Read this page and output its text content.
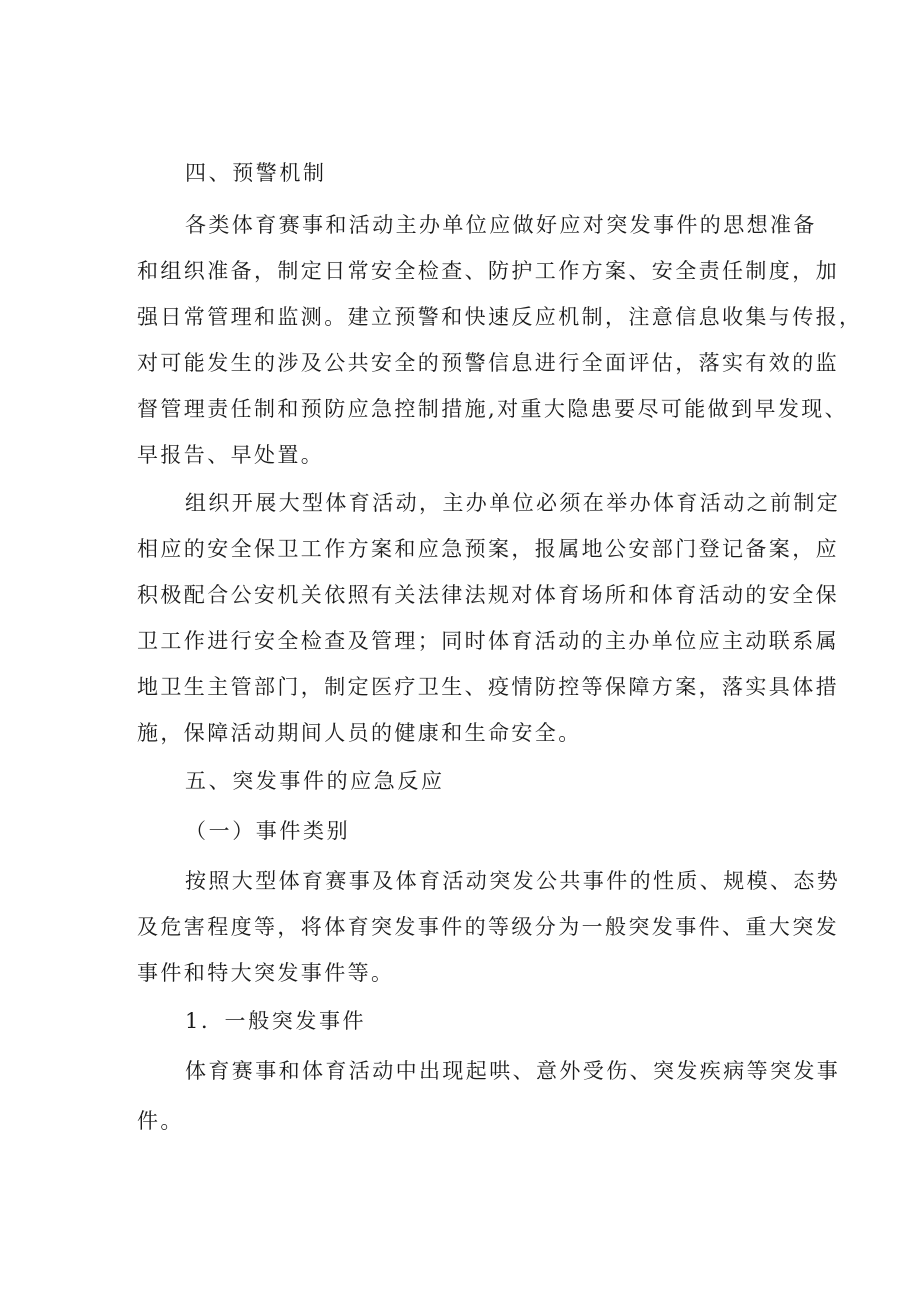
四、预警机制
各类体育赛事和活动主办单位应做好应对突发事件的思想准备
和组织准备，制定日常安全检查、防护工作方案、安全责任制度，加
强日常管理和监测。建立预警和快速反应机制，注意信息收集与传报，
对可能发生的涉及公共安全的预警信息进行全面评估，落实有效的监
督管理责任制和预防应急控制措施,对重大隐患要尽可能做到早发现、
早报告、早处置。
组织开展大型体育活动，主办单位必须在举办体育活动之前制定
相应的安全保卫工作方案和应急预案，报属地公安部门登记备案，应
积极配合公安机关依照有关法律法规对体育场所和体育活动的安全保
卫工作进行安全检查及管理；同时体育活动的主办单位应主动联系属
地卫生主管部门，制定医疗卫生、疫情防控等保障方案，落实具体措
施，保障活动期间人员的健康和生命安全。
五、突发事件的应急反应
（一）事件类别
按照大型体育赛事及体育活动突发公共事件的性质、规模、态势
及危害程度等，将体育突发事件的等级分为一般突发事件、重大突发
事件和特大突发事件等。
1．一般突发事件
体育赛事和体育活动中出现起哄、意外受伤、突发疾病等突发事
件。
